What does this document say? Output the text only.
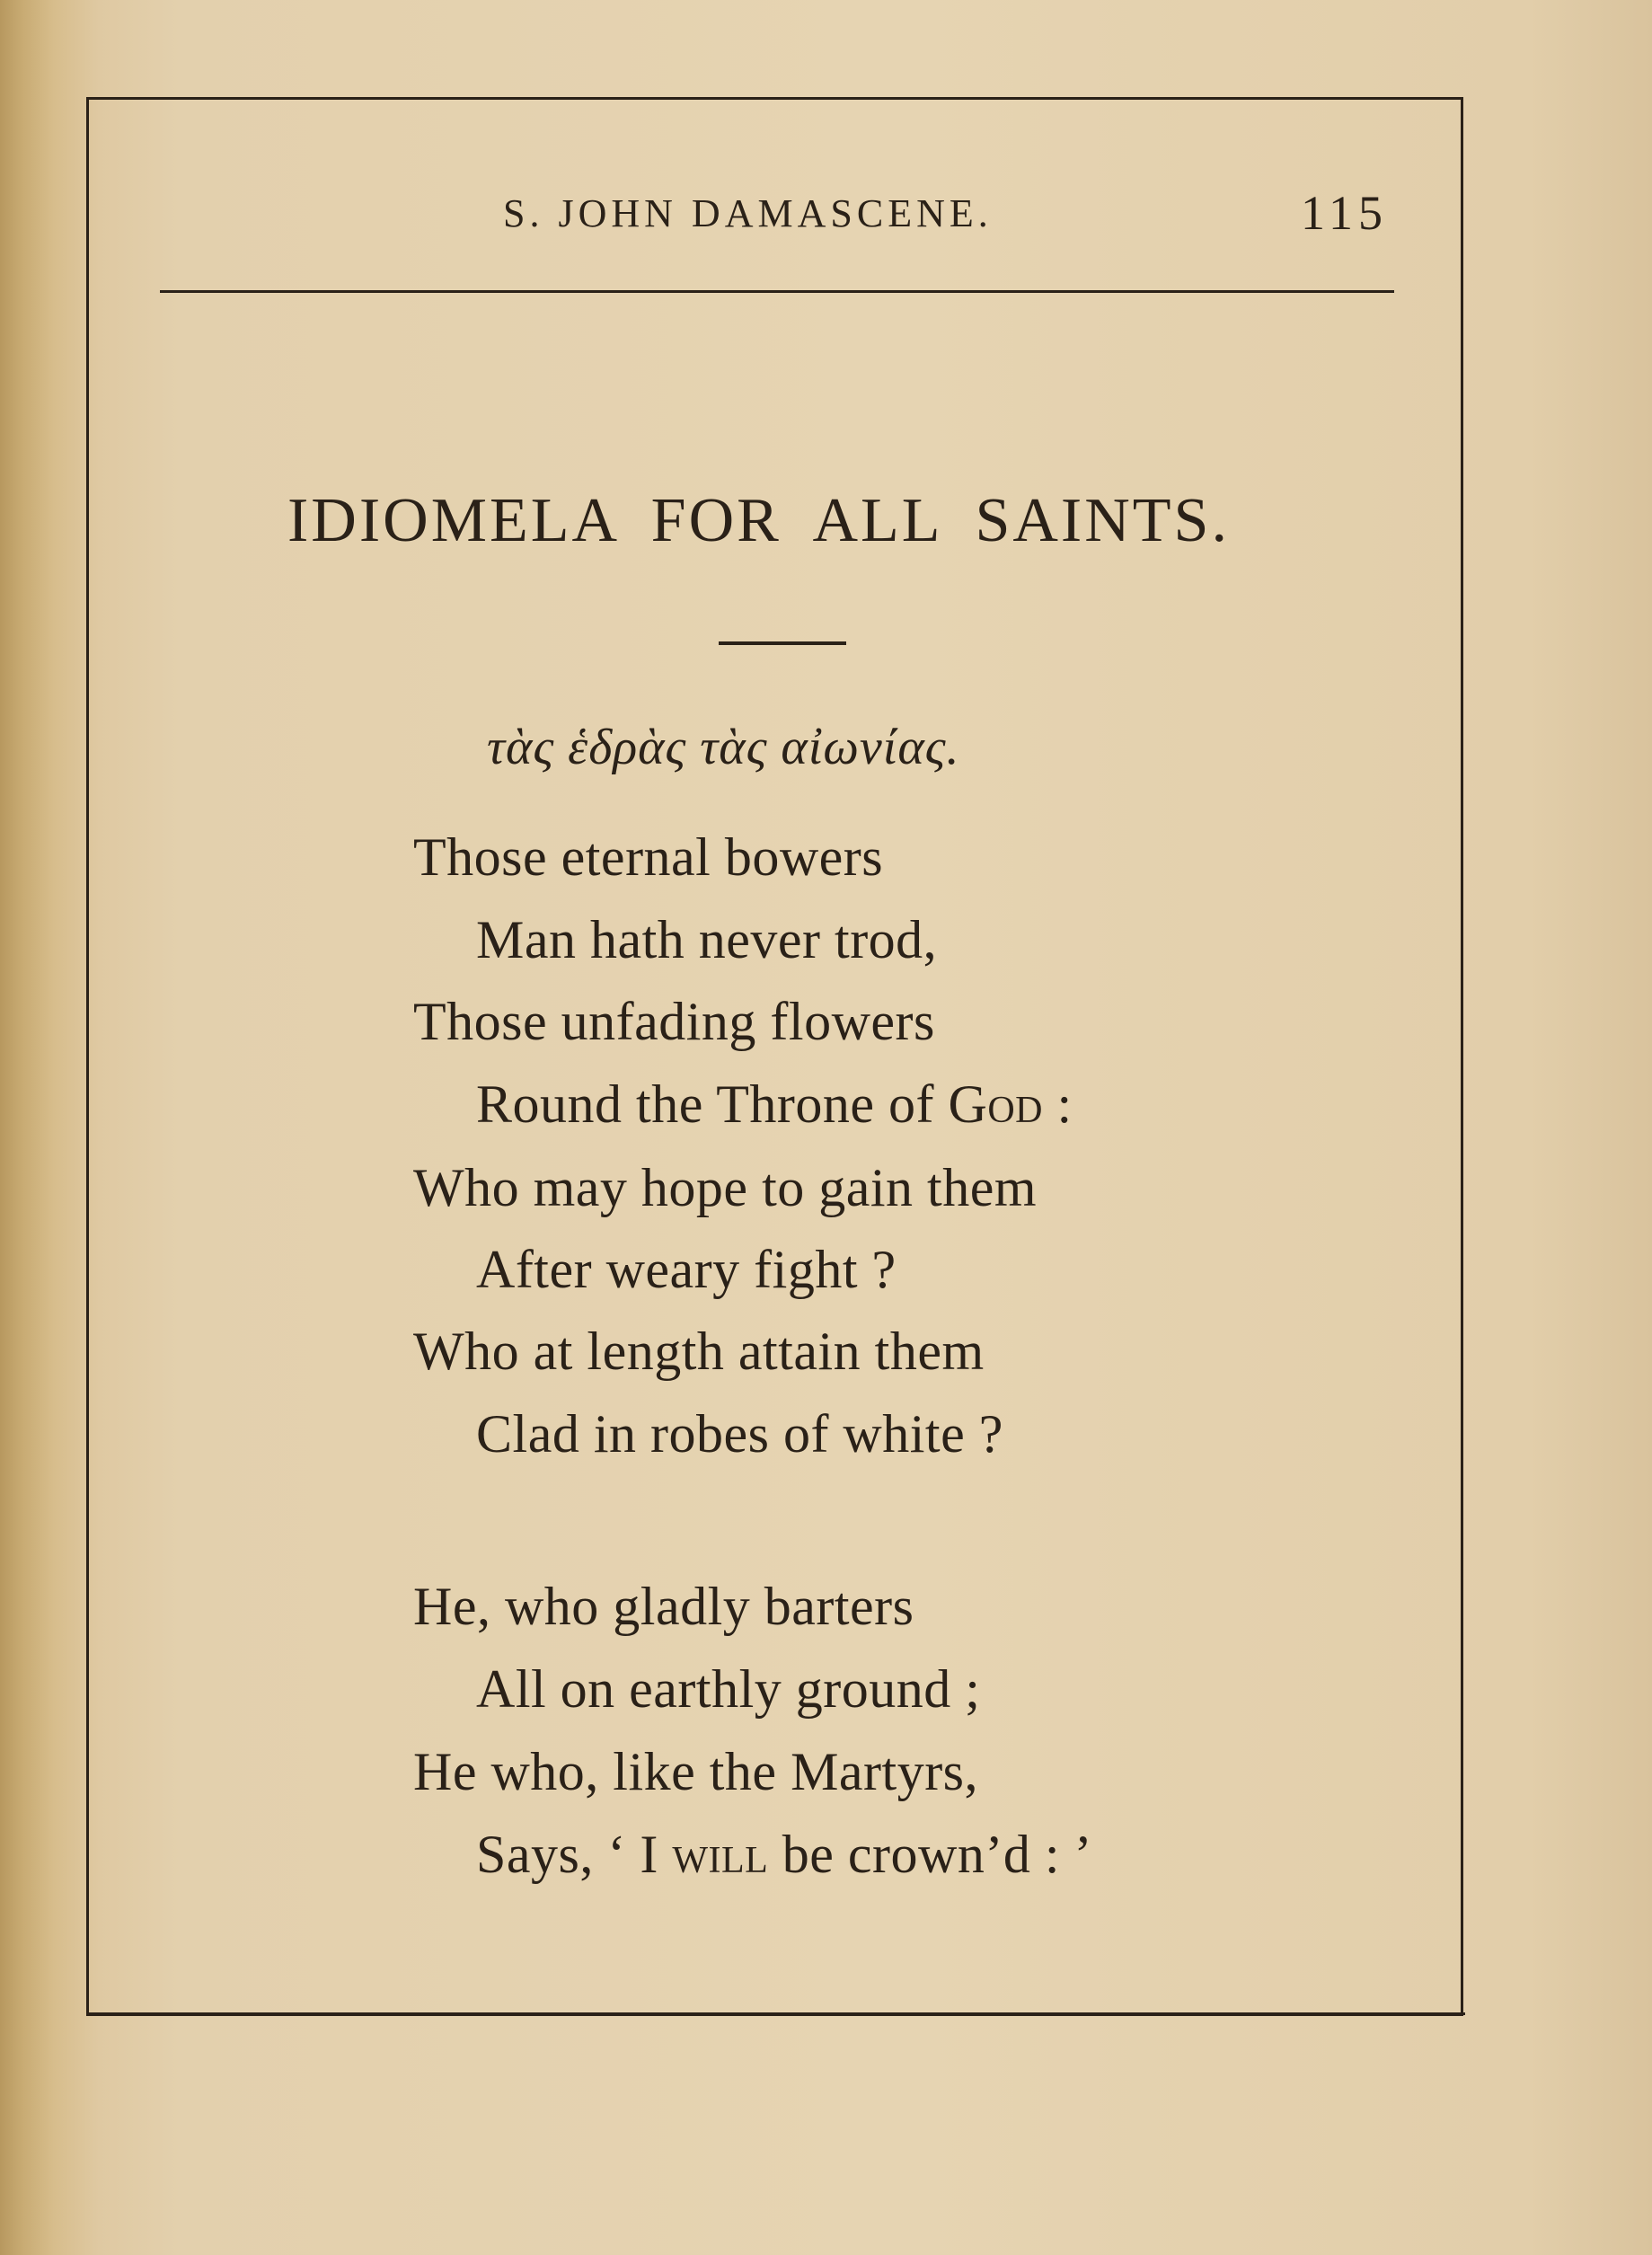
S. JOHN DAMASCENE.	115
IDIOMELA FOR ALL SAINTS.
τὰς ἑδρὰς τὰς αἰωνίας.
Those eternal bowers
Man hath never trod,
Those unfading flowers
Round the Throne of God :
Who may hope to gain them
After weary fight ?
Who at length attain them
Clad in robes of white ?
He, who gladly barters
All on earthly ground ;
He who, like the Martyrs,
Says, ‘ I will be crown’d : ’
